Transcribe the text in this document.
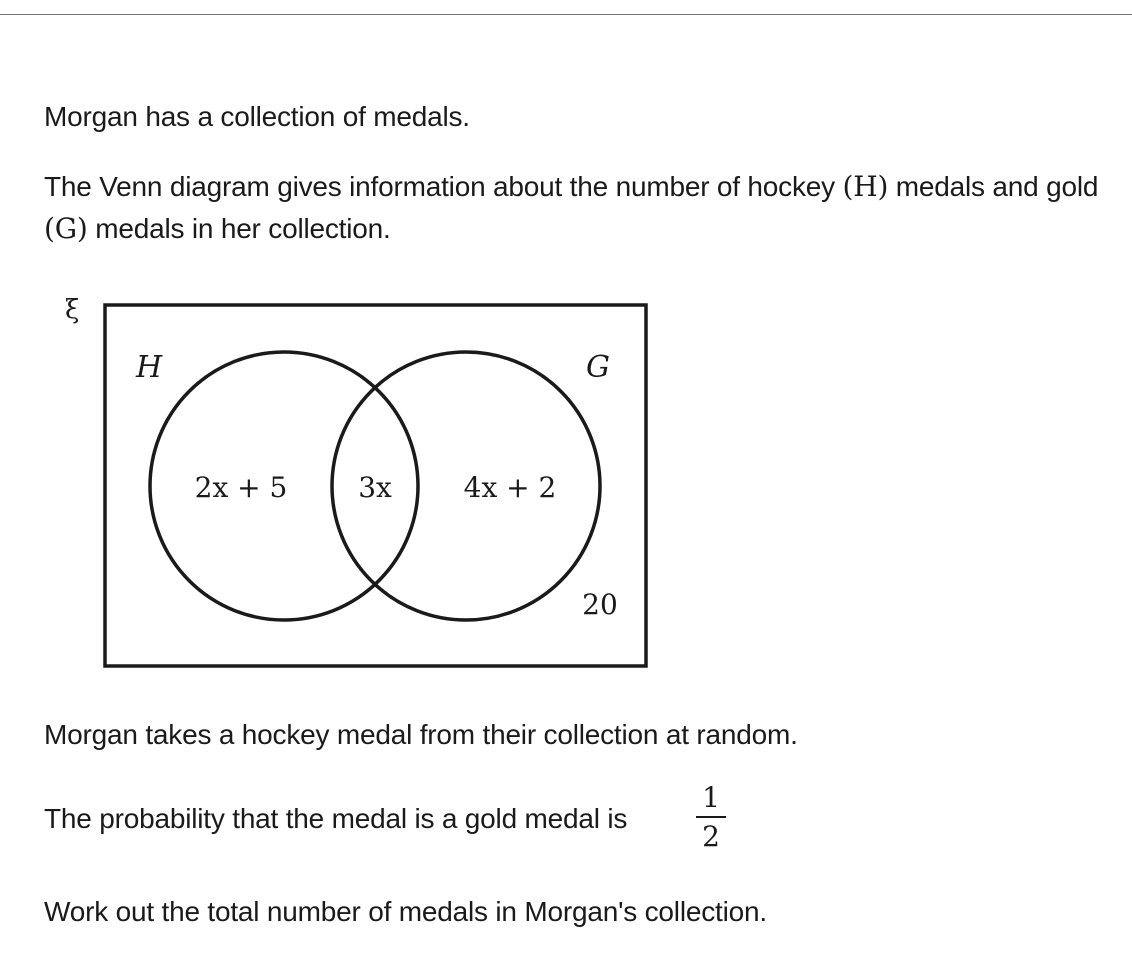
Morgan has a collection of medals.

The Venn diagram gives information about the number of hockey (H) medals and gold (G) medals in her collection.

ξ
H	G
2x + 5	3x	4x + 2
20

Morgan takes a hockey medal from their collection at random.

The probability that the medal is a gold medal is

1
2

Work out the total number of medals in Morgan's collection.
